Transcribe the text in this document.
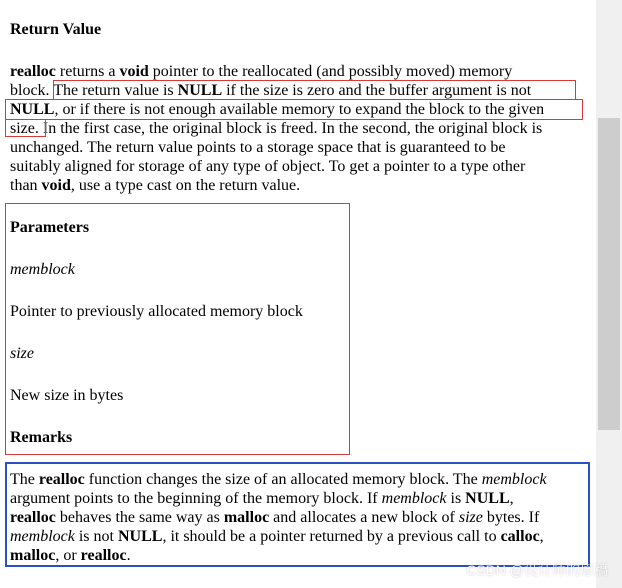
Return Value
realloc returns a void pointer to the reallocated (and possibly moved) memory
block. The return value is NULL if the size is zero and the buffer argument is not
NULL, or if there is not enough available memory to expand the block to the given
size. In the first case, the original block is freed. In the second, the original block is
unchanged. The return value points to a storage space that is guaranteed to be
suitably aligned for storage of any type of object. To get a pointer to a type other
than void, use a type cast on the return value.
Parameters
memblock
Pointer to previously allocated memory block
size
New size in bytes
Remarks
The realloc function changes the size of an allocated memory block. The memblock
argument points to the beginning of the memory block. If memblock is NULL,
realloc behaves the same way as malloc and allocates a new block of size bytes. If
memblock is not NULL, it should be a pointer returned by a previous call to calloc,
malloc, or realloc.
CSDN @设计师的原稿
